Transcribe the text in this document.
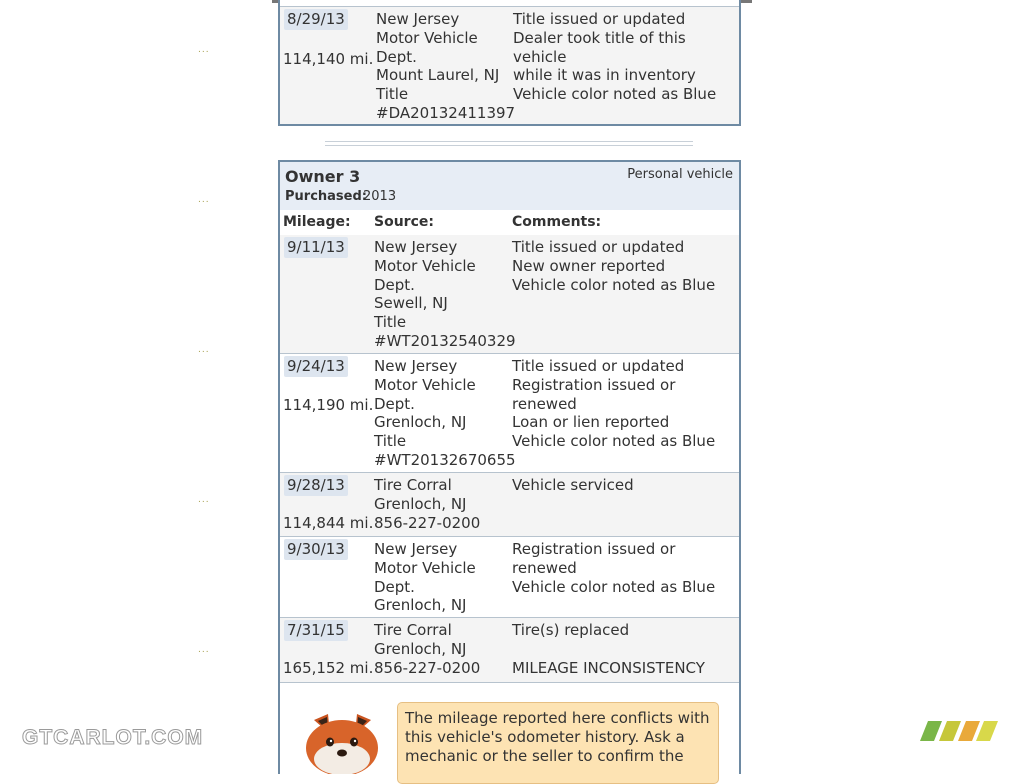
...
...
...
...
...
8/29/13
114,140 mi.
New Jersey
Motor Vehicle
Dept.
Mount Laurel, NJ
Title
#DA20132411397
Title issued or updated
Dealer took title of this vehicle
while it was in inventory
Vehicle color noted as Blue
Owner 3
Purchased:
2013
Personal vehicle
Mileage: Source:	Comments:
9/11/13 New Jersey
Motor Vehicle
Dept.
Sewell, NJ
Title
#WT20132540329
Title issued or updated
New owner reported
Vehicle color noted as Blue
9/24/13
114,190 mi.
New Jersey
Motor Vehicle
Dept.
Grenloch, NJ
Title
#WT20132670655
Title issued or updated
Registration issued or renewed
Loan or lien reported
Vehicle color noted as Blue
9/28/13
114,844 mi.
Tire Corral
Grenloch, NJ
856-227-0200
Vehicle serviced
9/30/13 New Jersey
Motor Vehicle
Dept.
Grenloch, NJ
Registration issued or renewed
Vehicle color noted as Blue
7/31/15
165,152 mi.
Tire Corral
Grenloch, NJ
856-227-0200
Tire(s) replaced

MILEAGE INCONSISTENCY
The mileage reported here conflicts with this vehicle's odometer history. Ask a mechanic or the seller to confirm the
GTCARLOT.COM
